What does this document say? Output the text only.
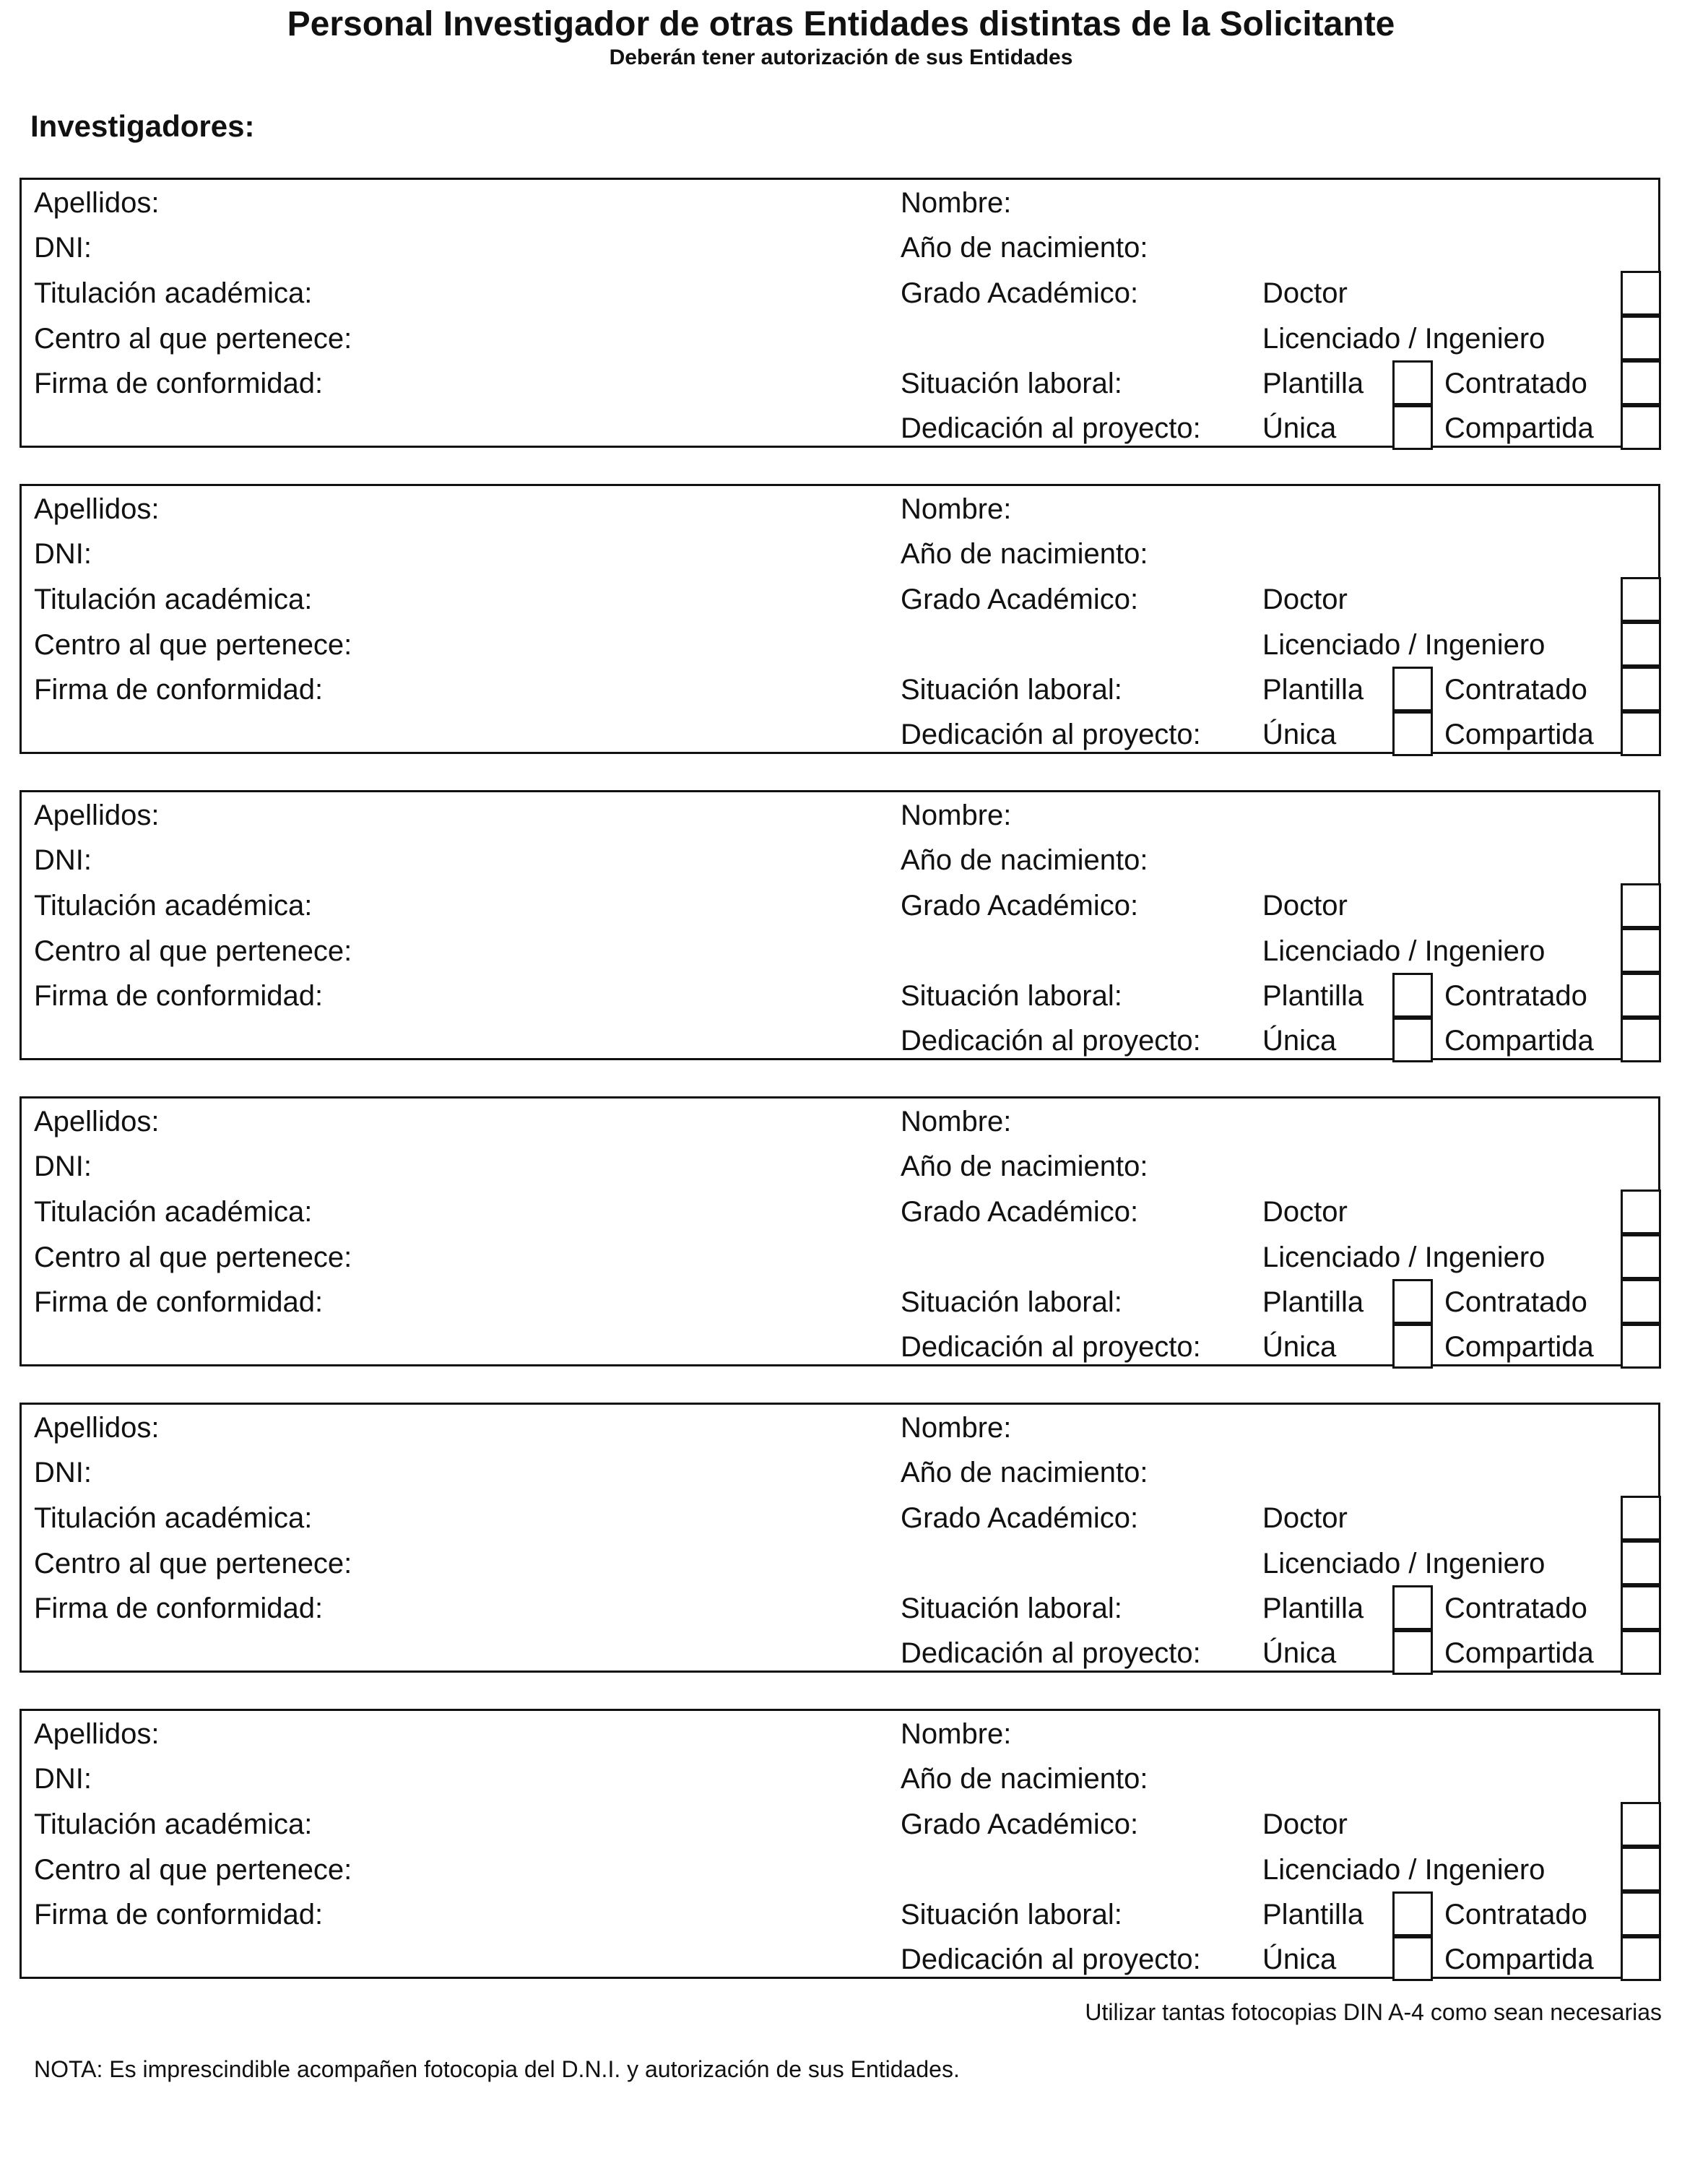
Personal Investigador de otras Entidades distintas de la Solicitante
Deberán tener autorización de sus Entidades
Investigadores:
Apellidos:	Nombre:
DNI:	Año de nacimiento:
Titulación académica:	Grado Académico:	Doctor
Centro al que pertenece:	Licenciado / Ingeniero
Firma de conformidad:	Situación laboral:	Plantilla	Contratado
Dedicación al proyecto: Única	Compartida
Apellidos:	Nombre:
DNI:	Año de nacimiento:
Titulación académica:	Grado Académico:	Doctor
Centro al que pertenece:	Licenciado / Ingeniero
Firma de conformidad:	Situación laboral:	Plantilla	Contratado
Dedicación al proyecto: Única	Compartida
Apellidos:	Nombre:
DNI:	Año de nacimiento:
Titulación académica:	Grado Académico:	Doctor
Centro al que pertenece:	Licenciado / Ingeniero
Firma de conformidad:	Situación laboral:	Plantilla	Contratado
Dedicación al proyecto: Única	Compartida
Apellidos:	Nombre:
DNI:	Año de nacimiento:
Titulación académica:	Grado Académico:	Doctor
Centro al que pertenece:	Licenciado / Ingeniero
Firma de conformidad:	Situación laboral:	Plantilla	Contratado
Dedicación al proyecto: Única	Compartida
Apellidos:	Nombre:
DNI:	Año de nacimiento:
Titulación académica:	Grado Académico:	Doctor
Centro al que pertenece:	Licenciado / Ingeniero
Firma de conformidad:	Situación laboral:	Plantilla	Contratado
Dedicación al proyecto: Única	Compartida
Apellidos:	Nombre:
DNI:	Año de nacimiento:
Titulación académica:	Grado Académico:	Doctor
Centro al que pertenece:	Licenciado / Ingeniero
Firma de conformidad:	Situación laboral:	Plantilla	Contratado
Dedicación al proyecto: Única	Compartida
Utilizar tantas fotocopias DIN A-4 como sean necesarias
NOTA: Es imprescindible acompañen fotocopia del D.N.I. y autorización de sus Entidades.
